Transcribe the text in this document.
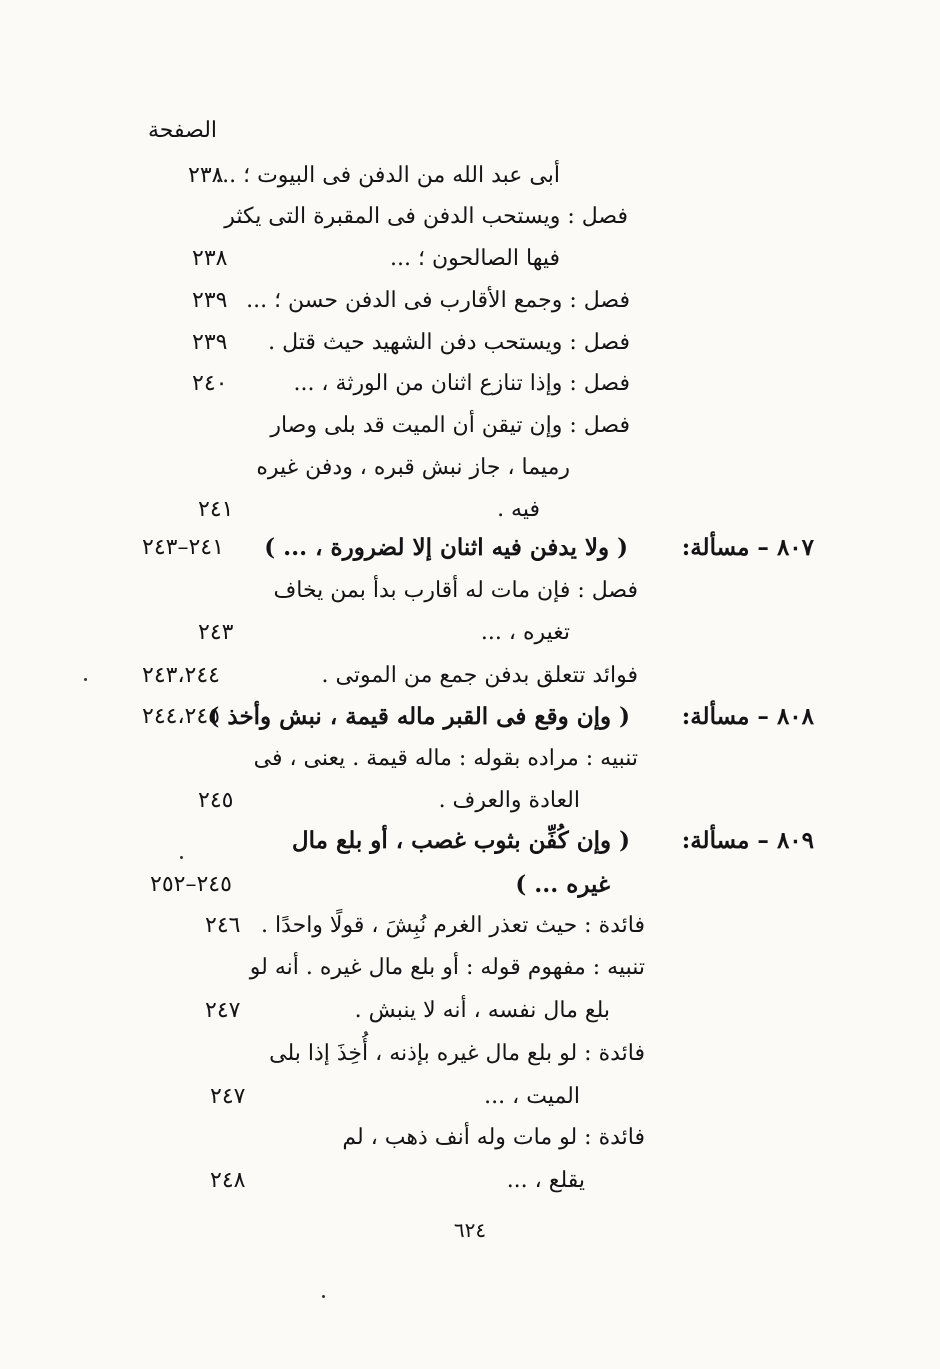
الصفحة
أبى عبد الله من الدفن فى البيوت ؛ ...
٢٣٨
فصل : ويستحب الدفن فى المقبرة التى يكثر
فيها الصالحون ؛ ...
٢٣٨
فصل : وجمع الأقارب فى الدفن حسن ؛ ...
٢٣٩
فصل : ويستحب دفن الشهيد حيث قتل .
٢٣٩
فصل : وإذا تنازع اثنان من الورثة ، ...
٢٤٠
فصل : وإن تيقن أن الميت قد بلى وصار
رميما ، جاز نبش قبره ، ودفن غيره
فيه .
٢٤١
٨٠٧ – مسألة:
( ولا يدفن فيه اثنان إلا لضرورة ، ... )
٢٤١–٢٤٣
فصل : فإن مات له أقارب بدأ بمن يخاف
تغيره ، ...
٢٤٣
فوائد تتعلق بدفن جمع من الموتى .
٢٤٣،٢٤٤
٨٠٨ – مسألة:
( وإن وقع فى القبر ماله قيمة ، نبش وأخذ )
٢٤٤،٢٤٥
تنبيه : مراده بقوله : ماله قيمة . يعنى ، فى
العادة والعرف .
٢٤٥
٨٠٩ – مسألة:
( وإن كُفِّن بثوب غصب ، أو بلع مال
غيره ... )
٢٤٥–٢٥٢
فائدة : حيث تعذر الغرم نُبِشَ ، قولًا واحدًا .
٢٤٦
تنبيه : مفهوم قوله : أو بلع مال غيره . أنه لو
بلع مال نفسه ، أنه لا ينبش .
٢٤٧
فائدة : لو بلع مال غيره بإذنه ، أُخِذَ إذا بلى
الميت ، ...
٢٤٧
فائدة : لو مات وله أنف ذهب ، لم
يقلع ، ...
٢٤٨
٦٢٤
